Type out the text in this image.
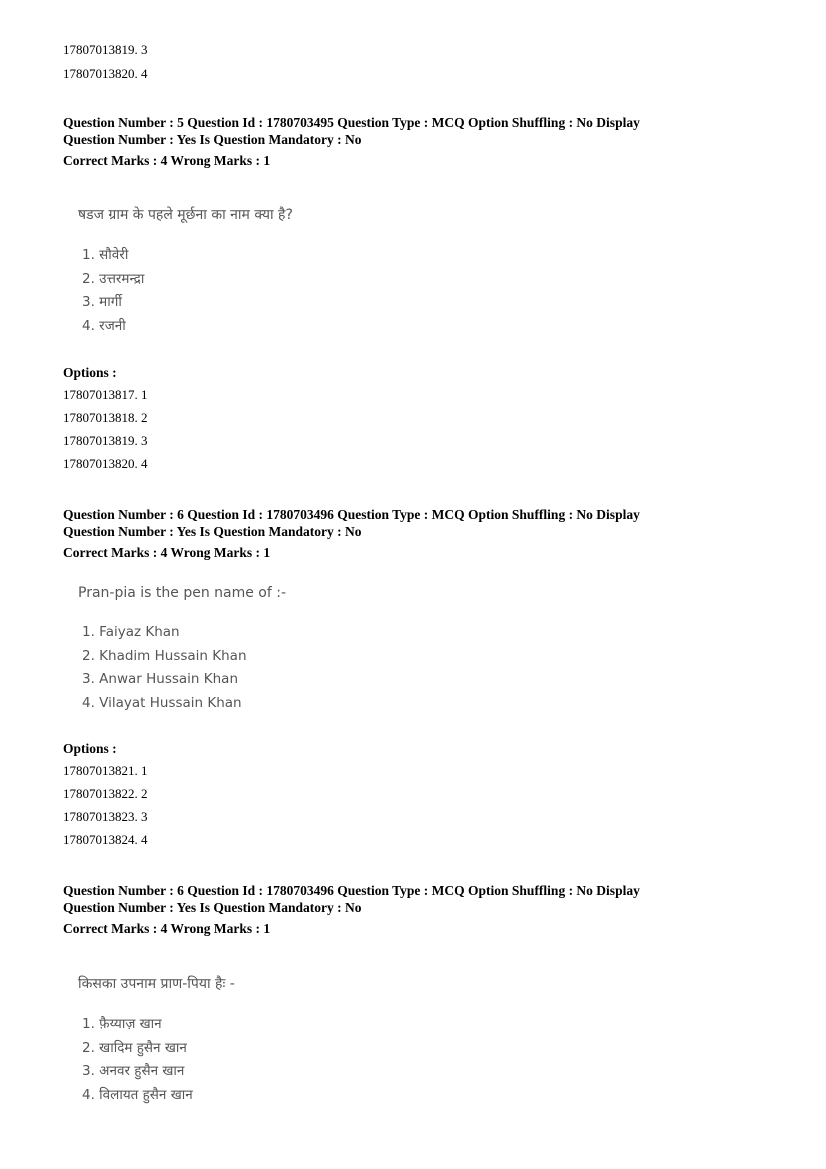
17807013819. 3
17807013820. 4
Question Number : 5 Question Id : 1780703495 Question Type : MCQ Option Shuffling : No Display
Question Number : Yes Is Question Mandatory : No
Correct Marks : 4 Wrong Marks : 1
षडज ग्राम के पहले मूर्छना का नाम क्या है?
1. सौवेरी
2. उत्तरमन्द्रा
3. मार्गी
4. रजनी
Options :
17807013817. 1
17807013818. 2
17807013819. 3
17807013820. 4
Question Number : 6 Question Id : 1780703496 Question Type : MCQ Option Shuffling : No Display
Question Number : Yes Is Question Mandatory : No
Correct Marks : 4 Wrong Marks : 1
Pran-pia is the pen name of :-
1. Faiyaz Khan
2. Khadim Hussain Khan
3. Anwar Hussain Khan
4. Vilayat Hussain Khan
Options :
17807013821. 1
17807013822. 2
17807013823. 3
17807013824. 4
Question Number : 6 Question Id : 1780703496 Question Type : MCQ Option Shuffling : No Display
Question Number : Yes Is Question Mandatory : No
Correct Marks : 4 Wrong Marks : 1
किसका उपनाम प्राण-पिया हैः -
1. फ़ैय्याज़ खान
2. खादिम हुसैन खान
3. अनवर हुसैन खान
4. विलायत हुसैन खान
